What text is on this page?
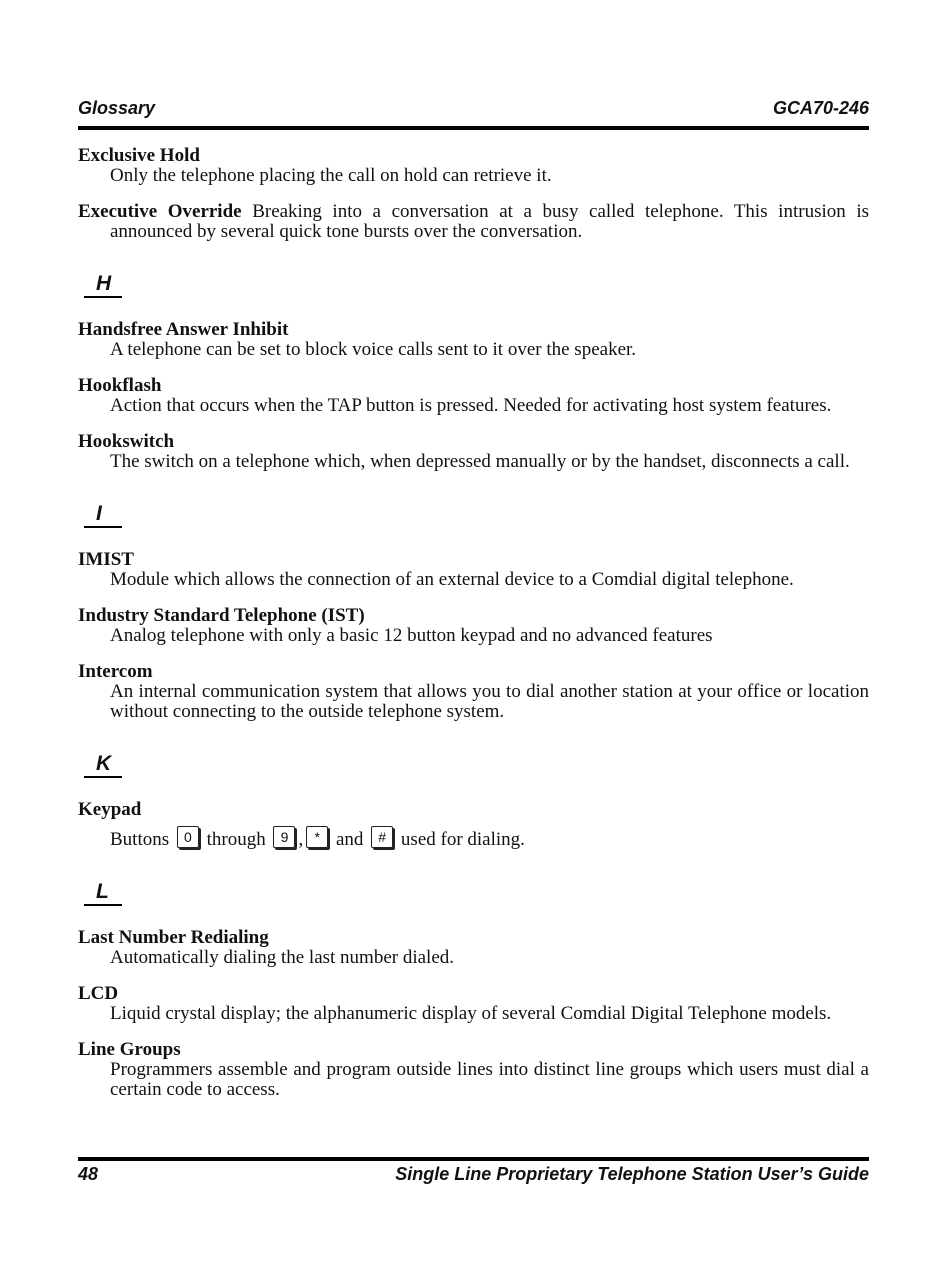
Glossary	GCA70-246
Exclusive Hold
Only the telephone placing the call on hold can retrieve it.
Executive Override Breaking into a conversation at a busy called telephone. This intrusion is announced by several quick tone bursts over the conversation.
H
Handsfree Answer Inhibit
A telephone can be set to block voice calls sent to it over the speaker.
Hookflash
Action that occurs when the TAP button is pressed. Needed for activating host system features.
Hookswitch
The switch on a telephone which, when depressed manually or by the handset, disconnects a call.
I
IMIST
Module which allows the connection of an external device to a Comdial digital telephone.
Industry Standard Telephone (IST)
Analog telephone with only a basic 12 button keypad and no advanced features
Intercom
An internal communication system that allows you to dial another station at your office or location without connecting to the outside telephone system.
K
Keypad
Buttons 0 through 9 , * and # used for dialing.
L
Last Number Redialing
Automatically dialing the last number dialed.
LCD
Liquid crystal display; the alphanumeric display of several Comdial Digital Telephone models.
Line Groups
Programmers assemble and program outside lines into distinct line groups which users must dial a certain code to access.
48	Single Line Proprietary Telephone Station User’s Guide
